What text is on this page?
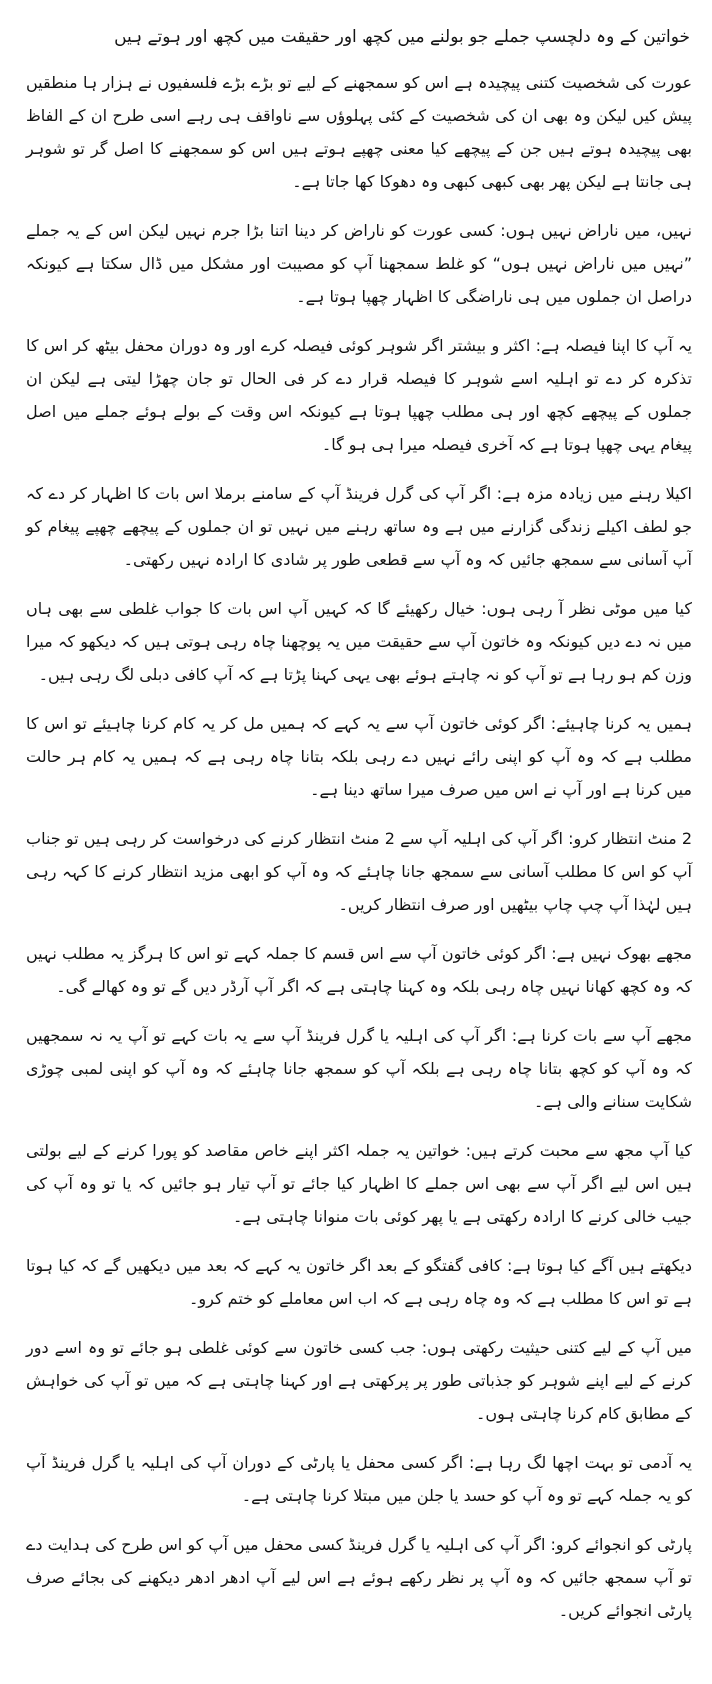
خواتین کے وہ دلچسپ جملے جو بولنے میں کچھ اور حقیقت میں کچھ اور ہوتے ہیں

عورت کی شخصیت کتنی پیچیدہ ہے اس کو سمجھنے کے لیے تو بڑے بڑے فلسفیوں نے ہزار ہا منطقیں پیش کیں لیکن وہ بھی ان کی شخصیت کے کئی پہلوؤں سے ناواقف ہی رہے اسی طرح ان کے الفاظ بھی پیچیدہ ہوتے ہیں جن کے پیچھے کیا معنی چھپے ہوتے ہیں اس کو سمجھنے کا اصل گر تو شوہر ہی جانتا ہے لیکن پھر بھی کبھی کبھی وہ دھوکا کھا جاتا ہے۔

نہیں، میں ناراض نہیں ہوں: کسی عورت کو ناراض کر دینا اتنا بڑا جرم نہیں لیکن اس کے یہ جملے ”نہیں میں ناراض نہیں ہوں“ کو غلط سمجھنا آپ کو مصیبت اور مشکل میں ڈال سکتا ہے کیونکہ دراصل ان جملوں میں ہی ناراضگی کا اظہار چھپا ہوتا ہے۔

یہ آپ کا اپنا فیصلہ ہے: اکثر و بیشتر اگر شوہر کوئی فیصلہ کرے اور وہ دوران محفل بیٹھ کر اس کا تذکرہ کر دے تو اہلیہ اسے شوہر کا فیصلہ قرار دے کر فی الحال تو جان چھڑا لیتی ہے لیکن ان جملوں کے پیچھے کچھ اور ہی مطلب چھپا ہوتا ہے کیونکہ اس وقت کے بولے ہوئے جملے میں اصل پیغام یہی چھپا ہوتا ہے کہ آخری فیصلہ میرا ہی ہو گا۔

اکیلا رہنے میں زیادہ مزہ ہے: اگر آپ کی گرل فرینڈ آپ کے سامنے برملا اس بات کا اظہار کر دے کہ جو لطف اکیلے زندگی گزارنے میں ہے وہ ساتھ رہنے میں نہیں تو ان جملوں کے پیچھے چھپے پیغام کو آپ آسانی سے سمجھ جائیں کہ وہ آپ سے قطعی طور پر شادی کا ارادہ نہیں رکھتی۔

کیا میں موٹی نظر آ رہی ہوں: خیال رکھیئے گا کہ کہیں آپ اس بات کا جواب غلطی سے بھی ہاں میں نہ دے دیں کیونکہ وہ خاتون آپ سے حقیقت میں یہ پوچھنا چاہ رہی ہوتی ہیں کہ دیکھو کہ میرا وزن کم ہو رہا ہے تو آپ کو نہ چاہتے ہوئے بھی یہی کہنا پڑتا ہے کہ آپ کافی دبلی لگ رہی ہیں۔

ہمیں یہ کرنا چاہیئے: اگر کوئی خاتون آپ سے یہ کہے کہ ہمیں مل کر یہ کام کرنا چاہیئے تو اس کا مطلب ہے کہ وہ آپ کو اپنی رائے نہیں دے رہی بلکہ بتانا چاہ رہی ہے کہ ہمیں یہ کام ہر حالت میں کرنا ہے اور آپ نے اس میں صرف میرا ساتھ دینا ہے۔

2 منٹ انتظار کرو: اگر آپ کی اہلیہ آپ سے 2 منٹ انتظار کرنے کی درخواست کر رہی ہیں تو جناب آپ کو اس کا مطلب آسانی سے سمجھ جانا چاہئے کہ وہ آپ کو ابھی مزید انتظار کرنے کا کہہ رہی ہیں لہٰذا آپ چپ چاپ بیٹھیں اور صرف انتظار کریں۔

مجھے بھوک نہیں ہے: اگر کوئی خاتون آپ سے اس قسم کا جملہ کہے تو اس کا ہرگز یہ مطلب نہیں کہ وہ کچھ کھانا نہیں چاہ رہی بلکہ وہ کہنا چاہتی ہے کہ اگر آپ آرڈر دیں گے تو وہ کھالے گی۔

مجھے آپ سے بات کرنا ہے: اگر آپ کی اہلیہ یا گرل فرینڈ آپ سے یہ بات کہے تو آپ یہ نہ سمجھیں کہ وہ آپ کو کچھ بتانا چاہ رہی ہے بلکہ آپ کو سمجھ جانا چاہئے کہ وہ آپ کو اپنی لمبی چوڑی شکایت سنانے والی ہے۔

کیا آپ مجھ سے محبت کرتے ہیں: خواتین یہ جملہ اکثر اپنے خاص مقاصد کو پورا کرنے کے لیے بولتی ہیں اس لیے اگر آپ سے بھی اس جملے کا اظہار کیا جائے تو آپ تیار ہو جائیں کہ یا تو وہ آپ کی جیب خالی کرنے کا ارادہ رکھتی ہے یا پھر کوئی بات منوانا چاہتی ہے۔

دیکھتے ہیں آگے کیا ہوتا ہے: کافی گفتگو کے بعد اگر خاتون یہ کہے کہ بعد میں دیکھیں گے کہ کیا ہوتا ہے تو اس کا مطلب ہے کہ وہ چاہ رہی ہے کہ اب اس معاملے کو ختم کرو۔

میں آپ کے لیے کتنی حیثیت رکھتی ہوں: جب کسی خاتون سے کوئی غلطی ہو جائے تو وہ اسے دور کرنے کے لیے اپنے شوہر کو جذباتی طور پر پرکھتی ہے اور کہنا چاہتی ہے کہ میں تو آپ کی خواہش کے مطابق کام کرنا چاہتی ہوں۔

یہ آدمی تو بہت اچھا لگ رہا ہے: اگر کسی محفل یا پارٹی کے دوران آپ کی اہلیہ یا گرل فرینڈ آپ کو یہ جملہ کہے تو وہ آپ کو حسد یا جلن میں مبتلا کرنا چاہتی ہے۔

پارٹی کو انجوائے کرو: اگر آپ کی اہلیہ یا گرل فرینڈ کسی محفل میں آپ کو اس طرح کی ہدایت دے تو آپ سمجھ جائیں کہ وہ آپ پر نظر رکھے ہوئے ہے اس لیے آپ ادھر ادھر دیکھنے کی بجائے صرف پارٹی انجوائے کریں۔
